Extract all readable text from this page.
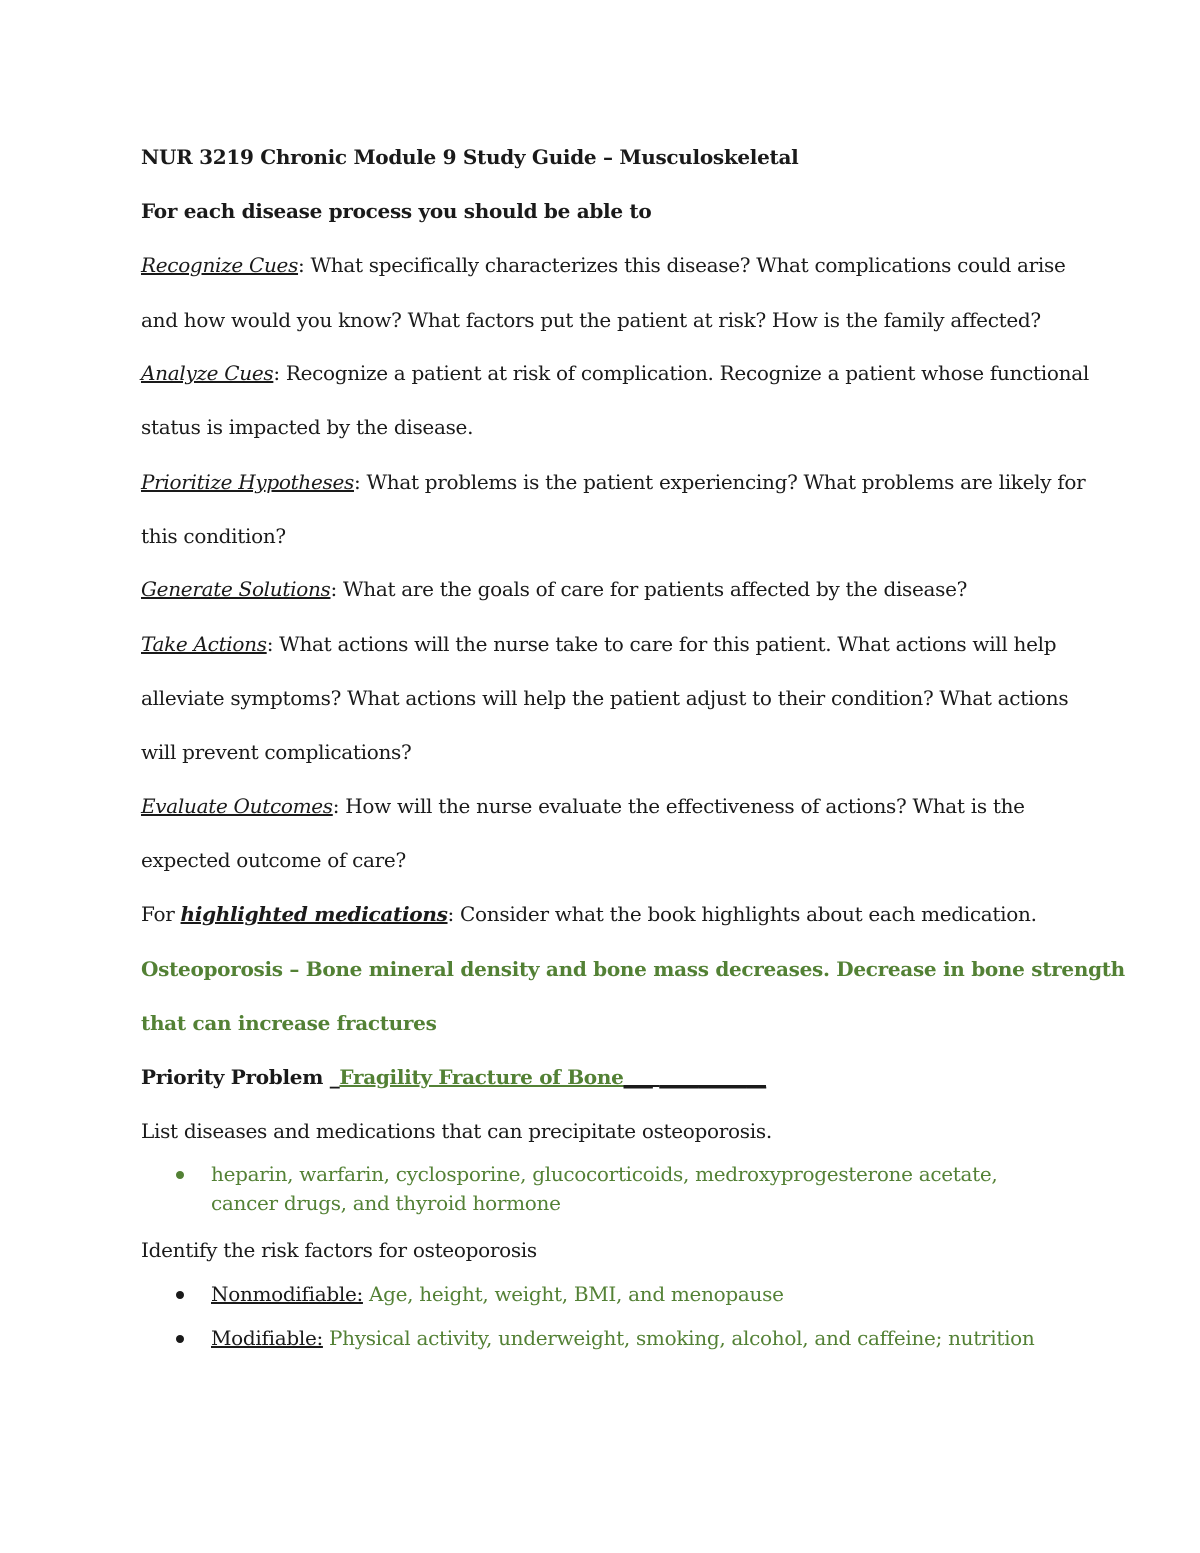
NUR 3219 Chronic Module 9 Study Guide – Musculoskeletal
For each disease process you should be able to
Recognize Cues: What specifically characterizes this disease? What complications could arise
and how would you know? What factors put the patient at risk? How is the family affected?
Analyze Cues: Recognize a patient at risk of complication. Recognize a patient whose functional
status is impacted by the disease.
Prioritize Hypotheses: What problems is the patient experiencing? What problems are likely for
this condition?
Generate Solutions: What are the goals of care for patients affected by the disease?
Take Actions: What actions will the nurse take to care for this patient. What actions will help
alleviate symptoms? What actions will help the patient adjust to their condition? What actions
will prevent complications?
Evaluate Outcomes: How will the nurse evaluate the effectiveness of actions? What is the
expected outcome of care?
For highlighted medications: Consider what the book highlights about each medication.
Osteoporosis – Bone mineral density and bone mass decreases. Decrease in bone strength
that can increase fractures
Priority Problem _Fragility Fracture of Bone___ ___________
List diseases and medications that can precipitate osteoporosis.
heparin, warfarin, cyclosporine, glucocorticoids, medroxyprogesterone acetate, cancer drugs, and thyroid hormone
Identify the risk factors for osteoporosis
Nonmodifiable: Age, height, weight, BMI, and menopause
Modifiable: Physical activity, underweight, smoking, alcohol, and caffeine; nutrition
